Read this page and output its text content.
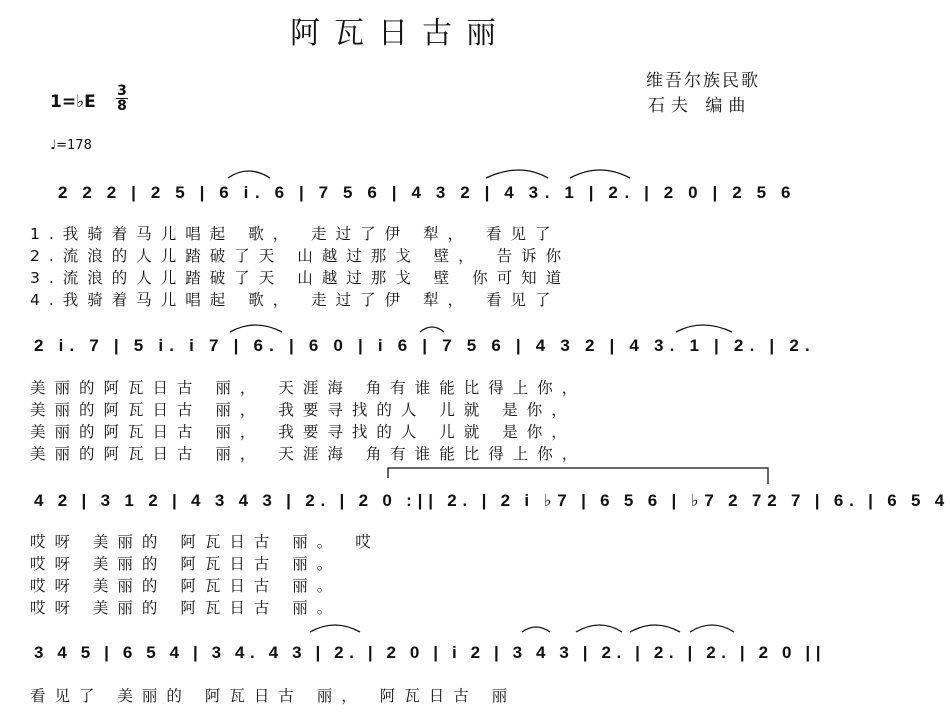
阿瓦日古丽
维吾尔族民歌
石夫 编曲
1=♭E
3
8
♩=178
2 2 2 | 2 5 | 6 i. 6 | 7 5 6 | 4 3 2 | 4 3. 1 | 2. | 2 0 | 2 5 6
1.我骑着马儿唱起 歌， 走过了伊 犁， 看见了
2.流浪的人儿踏破了天 山越过那戈 壁， 告诉你
3.流浪的人儿踏破了天 山越过那戈 壁 你可知道
4.我骑着马儿唱起 歌， 走过了伊 犁， 看见了
2 i. 7 | 5 i. i 7 | 6. | 6 0 | i 6 | 7 5 6 | 4 3 2 | 4 3. 1 | 2. | 2.
美丽的阿瓦日古 丽， 天涯海 角有谁能比得上你，
美丽的阿瓦日古 丽， 我要寻找的人 儿就 是你，
美丽的阿瓦日古 丽， 我要寻找的人 儿就 是你，
美丽的阿瓦日古 丽， 天涯海 角有谁能比得上你，
4 2 | 3 1 2 | 4 3 4 3 | 2. | 2 0 :|| 2. | 2 i ♭7 | 6 5 6 | ♭7 2 72 7 | 6. | 6 5 4
哎呀 美丽的 阿瓦日古 丽。 哎
哎呀 美丽的 阿瓦日古 丽。
哎呀 美丽的 阿瓦日古 丽。
哎呀 美丽的 阿瓦日古 丽。
3 4 5 | 6 5 4 | 3 4. 4 3 | 2. | 2 0 | i 2 | 3 4 3 | 2. | 2. | 2. | 2 0 ||
看见了 美丽的 阿瓦日古 丽， 阿瓦日古 丽
